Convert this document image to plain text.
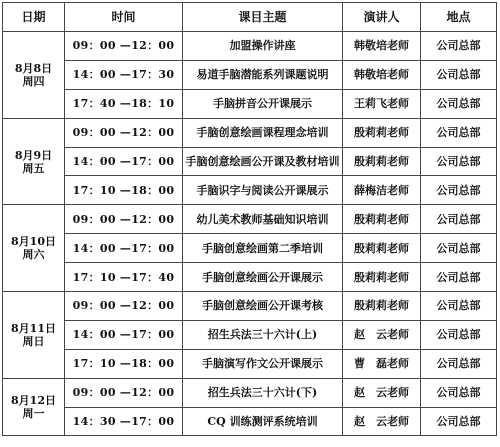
日期	时间	课目主题	演讲人	地点

8月8日
周四	09：00 —12：00	加盟操作讲座	韩敬培老师	公司总部
	14：00 —17：30	易道手脑潜能系列课题说明	韩敬培老师	公司总部
	17：40 —18：10	手脑拼音公开课展示	王莉飞老师	公司总部

8月9日
周五	09：00 —12：00	手脑创意绘画课程理念培训	殷莉莉老师	公司总部
	14：00 —17：00	手脑创意绘画公开课及教材培训	殷莉莉老师	公司总部
	17：10 —18：00	手脑识字与阅读公开课展示	薛梅洁老师	公司总部

8月10日
周六	09：00 —12：00	幼儿美术教师基础知识培训	殷莉莉老师	公司总部
	14：00 —17：00	手脑创意绘画第二季培训	殷莉莉老师	公司总部
	17：10 —17：40	手脑创意绘画公开课展示	殷莉莉老师	公司总部

8月11日
周日	09：00 —12：00	手脑创意绘画公开课考核	殷莉莉老师	公司总部
	14：00 —17：00	招生兵法三十六计(上)	赵　云老师	公司总部
	17：10 —18：00	手脑演写作文公开课展示	曹　磊老师	公司总部

8月12日
周一	09：00 —12：00	招生兵法三十六计(下)	赵　云老师	公司总部
	14：30 —17：00	CQ 训练测评系统培训	赵　云老师	公司总部
